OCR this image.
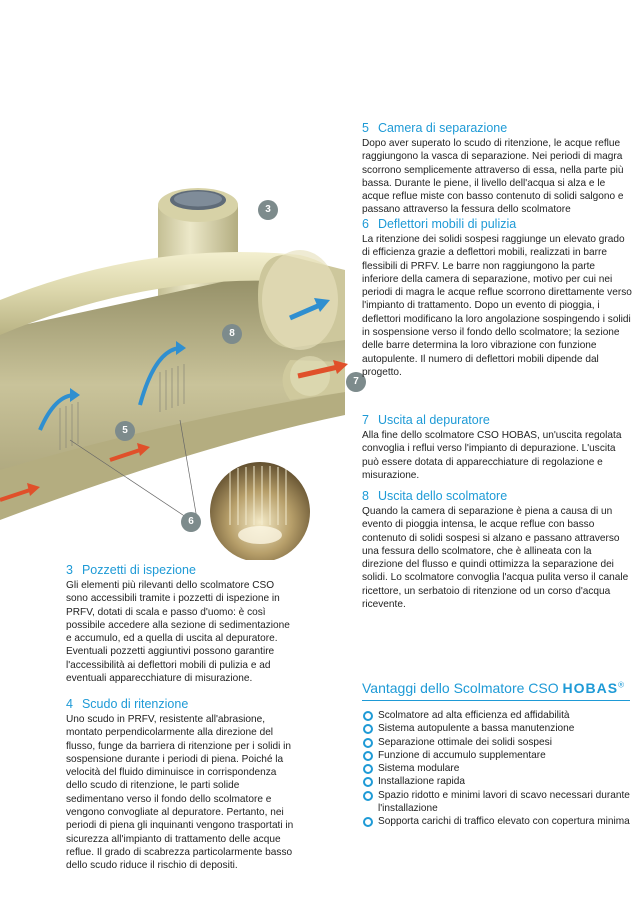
3
8
7
5
6
5 Camera di separazione

Dopo aver superato lo scudo di ritenzione, le acque reflue raggiungono la vasca di separazione. Nei periodi di magra scorrono semplicemente attraverso di essa, nella parte più bassa. Durante le piene, il livello dell'acqua si alza e le acque reflue miste con basso contenuto di solidi salgono e passano attraverso la fessura dello scolmatore

6 Deflettori mobili di pulizia

La ritenzione dei solidi sospesi raggiunge un elevato grado di efficienza grazie a deflettori mobili, realizzati in barre flessibili di PRFV. Le barre non raggiungono la parte inferiore della camera di separazione, motivo per cui nei periodi di magra le acque reflue scorrono direttamente verso l'impianto di trattamento. Dopo un evento di pioggia, i deflettori modificano la loro angolazione sospingendo i solidi in sospensione verso il fondo dello scolmatore; la sezione delle barre determina la loro vibrazione con funzione autopulente. Il numero di deflettori mobili dipende dal progetto.

7 Uscita al depuratore

Alla fine dello scolmatore CSO HOBAS, un'uscita regolata convoglia i reflui verso l'impianto di depurazione. L'uscita può essere dotata di apparecchiature di regolazione e misurazione.

8 Uscita dello scolmatore

Quando la camera di separazione è piena a causa di un evento di pioggia intensa, le acque reflue con basso contenuto di solidi sospesi si alzano e passano attraverso una fessura dello scolmatore, che è allineata con la direzione del flusso e quindi ottimizza la separazione dei solidi. Lo scolmatore convoglia l'acqua pulita verso il canale ricettore, un serbatoio di ritenzione od un corso d'acqua ricevente.

3 Pozzetti di ispezione

Gli elementi più rilevanti dello scolmatore CSO sono accessibili tramite i pozzetti di ispezione in PRFV, dotati di scala e passo d'uomo: è così possibile accedere alla sezione di sedimentazione e accumulo, ed a quella di uscita al depuratore. Eventuali pozzetti aggiuntivi possono garantire l'accessibilità ai deflettori mobili di pulizia e ad eventuali apparecchiature di misurazione.

4 Scudo di ritenzione

Uno scudo in PRFV, resistente all'abrasione, montato perpendicolarmente alla direzione del flusso, funge da barriera di ritenzione per i solidi in sospensione durante i periodi di piena. Poiché la velocità del fluido diminuisce in corrispondenza dello scudo di ritenzione, le parti solide sedimentano verso il fondo dello scolmatore e vengono convogliate al depuratore. Pertanto, nei periodi di piena gli inquinanti vengono trasportati in sicurezza all'impianto di trattamento delle acque reflue. Il grado di scabrezza particolarmente basso dello scudo riduce il rischio di depositi.

Vantaggi dello Scolmatore CSO HOBAS®
Scolmatore ad alta efficienza ed affidabilità
Sistema autopulente a bassa manutenzione
Separazione ottimale dei solidi sospesi
Funzione di accumulo supplementare
Sistema modulare
Installazione rapida
Spazio ridotto e minimi lavori di scavo necessari durante l'installazione
Sopporta carichi di traffico elevato con copertura minima
